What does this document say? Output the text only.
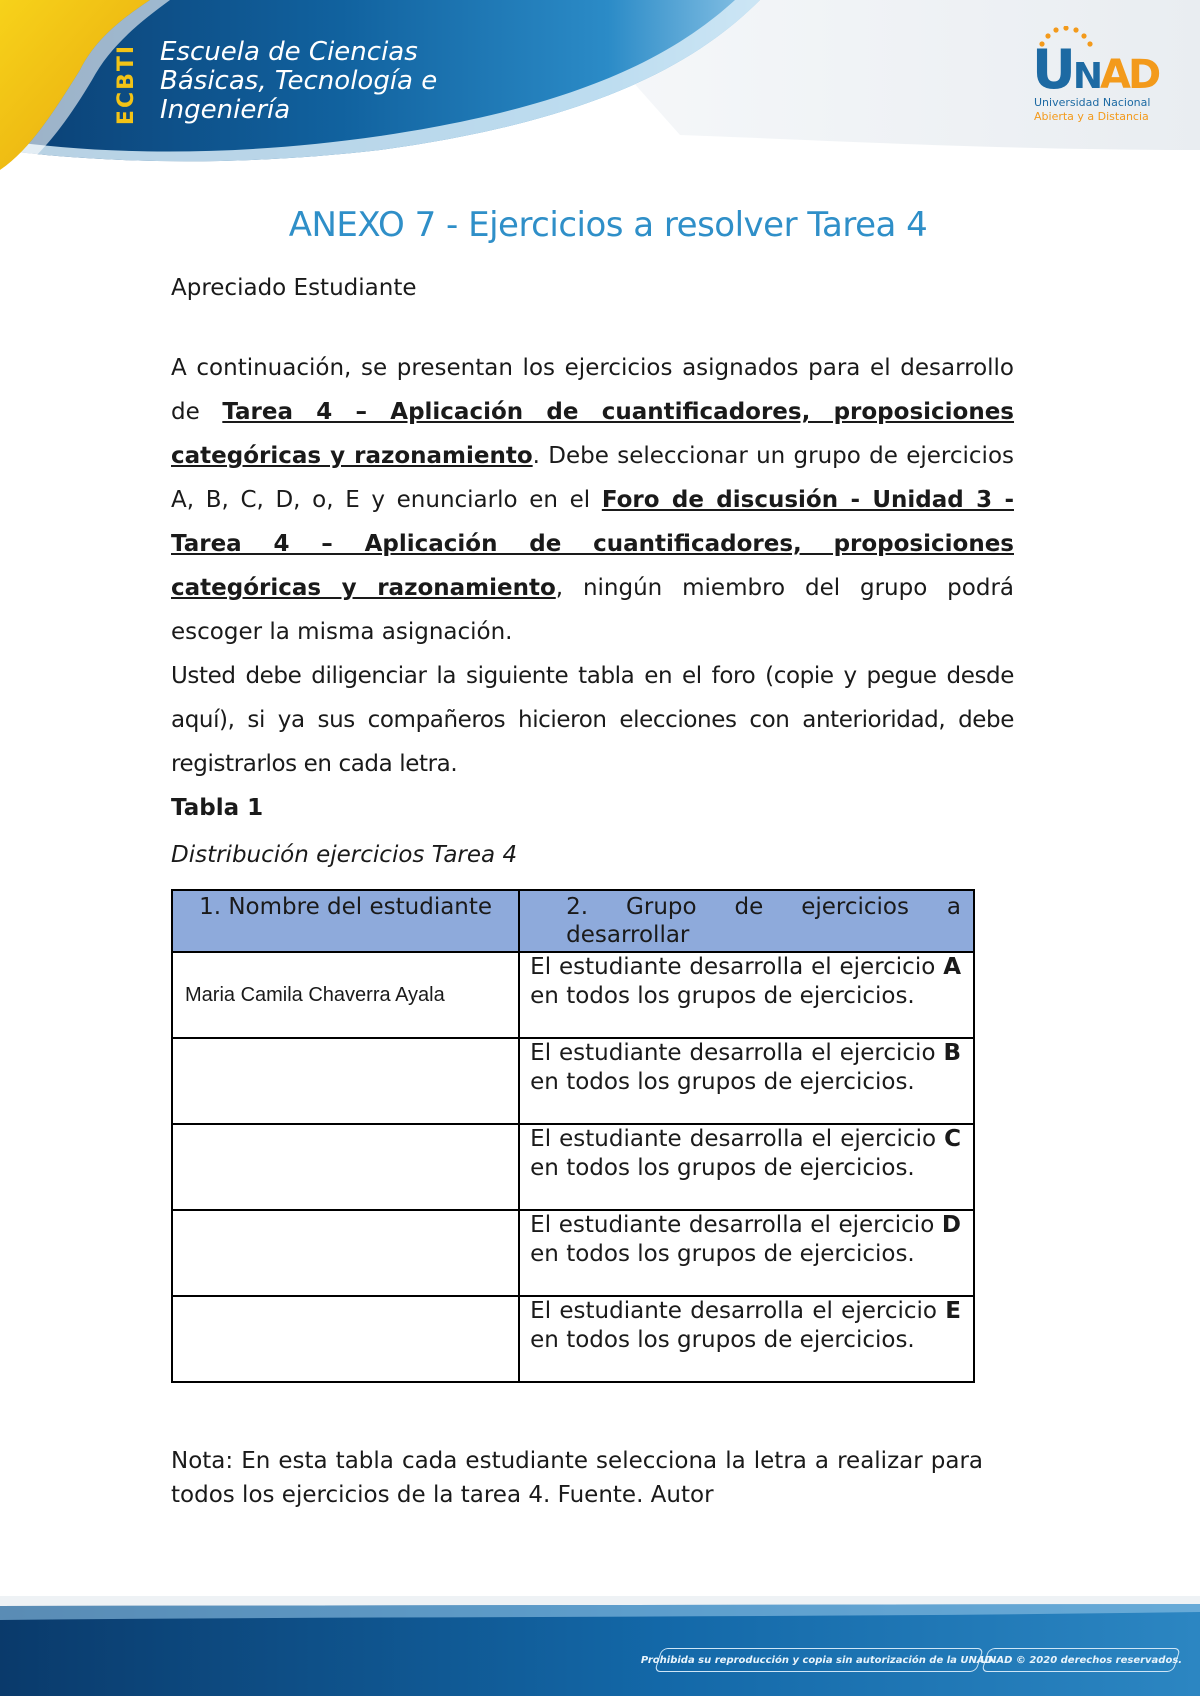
ECBTI Escuela de Ciencias
Básicas, Tecnología e
Ingeniería
UNAD
Universidad Nacional
Abierta y a Distancia
ANEXO 7 - Ejercicios a resolver Tarea 4

Apreciado Estudiante

A continuación, se presentan los ejercicios asignados para el desarrollo de Tarea 4 – Aplicación de cuantificadores, proposiciones categóricas y razonamiento. Debe seleccionar un grupo de ejercicios A, B, C, D, o, E y enunciarlo en el Foro de discusión - Unidad 3 - Tarea 4 – Aplicación de cuantificadores, proposiciones categóricas y razonamiento, ningún miembro del grupo podrá escoger la misma asignación.

Usted debe diligenciar la siguiente tabla en el foro (copie y pegue desde aquí), si ya sus compañeros hicieron elecciones con anterioridad, debe registrarlos en cada letra.

Tabla 1

Distribución ejercicios Tarea 4

1. Nombre del estudiante	2. Grupo de ejercicios a desarrollar
Maria Camila Chaverra Ayala	El estudiante desarrolla el ejercicio A en todos los grupos de ejercicios.
	El estudiante desarrolla el ejercicio B en todos los grupos de ejercicios.
	El estudiante desarrolla el ejercicio C en todos los grupos de ejercicios.
	El estudiante desarrolla el ejercicio D en todos los grupos de ejercicios.
	El estudiante desarrolla el ejercicio E en todos los grupos de ejercicios.

Nota: En esta tabla cada estudiante selecciona la letra a realizar para todos los ejercicios de la tarea 4. Fuente. Autor

Prohibida su reproducción y copia sin autorización de la UNAD.
UNAD © 2020 derechos reservados.
